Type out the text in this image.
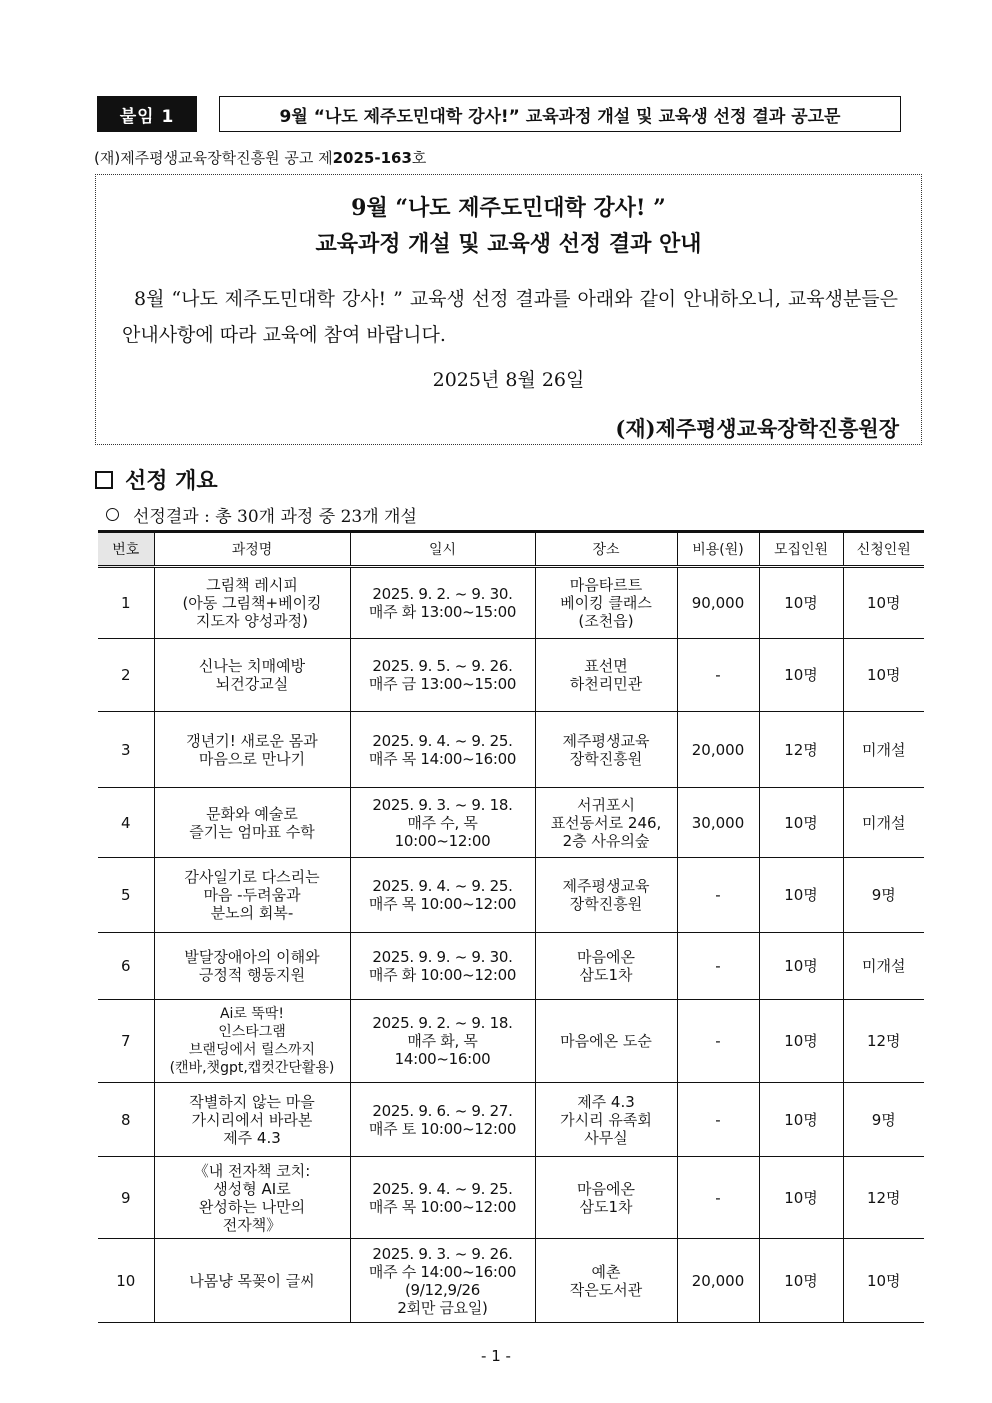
붙임 1	9월 “나도 제주도민대학 강사!” 교육과정 개설 및 교육생 선정 결과 공고문
(재)제주평생교육장학진흥원 공고 제2025-163호
9월 “나도 제주도민대학 강사! ”
교육과정 개설 및 교육생 선정 결과 안내
8월 “나도 제주도민대학 강사! ” 교육생 선정 결과를 아래와 같이 안내하오니, 교육생분들은 안내사항에 따라 교육에 참여 바랍니다.
2025년 8월 26일
(재)제주평생교육장학진흥원장
선정 개요
선정결과 : 총 30개 과정 중 23개 개설
번호	과정명	일시	장소	비용(원)	모집인원	신청인원
1	그림책 레시피
(아동 그림책+베이킹
지도자 양성과정)	2025. 9. 2. ~ 9. 30.
매주 화 13:00~15:00	마음타르트
베이킹 클래스
(조천읍)	90,000	10명	10명
2	신나는 치매예방
뇌건강교실	2025. 9. 5. ~ 9. 26.
매주 금 13:00~15:00	표선면
하천리민관	-	10명	10명
3	갱년기! 새로운 몸과
마음으로 만나기	2025. 9. 4. ~ 9. 25.
매주 목 14:00~16:00	제주평생교육
장학진흥원	20,000	12명	미개설
4	문화와 예술로
즐기는 엄마표 수학	2025. 9. 3. ~ 9. 18.
매주 수, 목
10:00~12:00	서귀포시
표선동서로 246,
2층 사유의숲	30,000	10명	미개설
5	감사일기로 다스리는
마음 -두려움과
분노의 회복-	2025. 9. 4. ~ 9. 25.
매주 목 10:00~12:00	제주평생교육
장학진흥원	-	10명	9명
6	발달장애아의 이해와
긍정적 행동지원	2025. 9. 9. ~ 9. 30.
매주 화 10:00~12:00	마음에온
삼도1차	-	10명	미개설
7	Ai로 뚝딱!
인스타그램
브랜딩에서 릴스까지
(캔바,챗gpt,캡컷간단활용)	2025. 9. 2. ~ 9. 18.
매주 화, 목
14:00~16:00	마음에온 도순	-	10명	12명
8	작별하지 않는 마을
가시리에서 바라본
제주 4.3	2025. 9. 6. ~ 9. 27.
매주 토 10:00~12:00	제주 4.3
가시리 유족회
사무실	-	10명	9명
9	《내 전자책 코치:
생성형 AI로
완성하는 나만의
전자책》	2025. 9. 4. ~ 9. 25.
매주 목 10:00~12:00	마음에온
삼도1차	-	10명	12명
10	나몸냥 목꽂이 글씨	2025. 9. 3. ~ 9. 26.
매주 수 14:00~16:00
(9/12,9/26
2회만 금요일)	예촌
작은도서관	20,000	10명	10명
- 1 -
